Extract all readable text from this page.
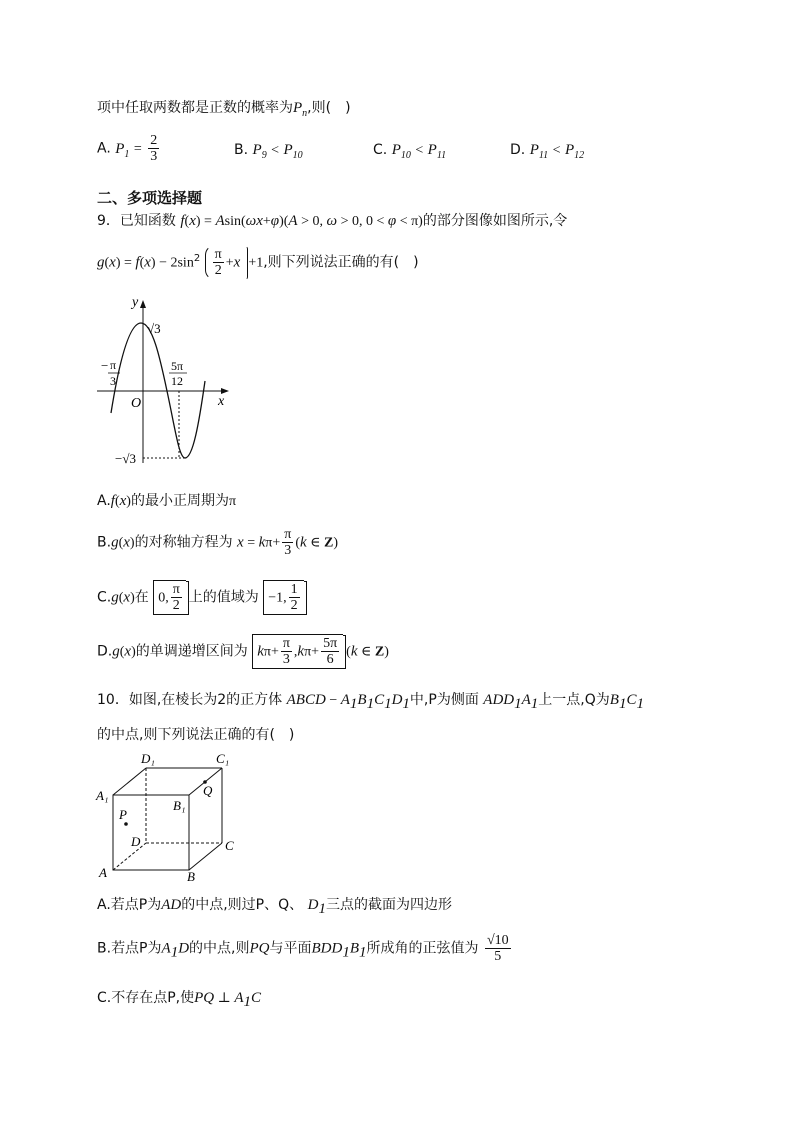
项中任取两数都是正数的概率为$P_n$,则(　)
A. $P_1 = \frac{2}{3}$	B. $P_9 < P_{10}$	C. $P_{10} < P_{11}$	D. $P_{11} < P_{12}$
二、多项选择题
9．已知函数 f(x) = Asin(ωx+φ)(A > 0, ω > 0, 0 < φ < π)的部分图像如图所示,令
$g(x) = f(x) - 2\sin^2 \frac{\pi}{2} +x +1$,则下列说法正确的有(　)
y
x
O
√3
−√3
− π
3
5π
12
A.f(x)的最小正周期为π
B.g(x)的对称轴方程为 $x = k\pi+ \frac{\pi}{3} (k$ ∈ Z)
C.g(x)在 0, $\frac{\pi}{2}$ 上的值域为 −1, $\frac{1}{2}$
D.g(x)的单调递增区间为 $k\pi+ \frac{\pi}{3} ,k\pi+ \frac{5\pi}{6} (k$ ∈ Z)
10．如图,在棱长为2的正方体 ABCD − $A_1B_1C_1D_1$中,P为侧面 $ADD_1A_1$上一点,Q为$B_1C_1$
的中点,则下列说法正确的有(　)
D₁	C₁
A₁
B₁
Q
P
D	C
A	B
A.若点P为AD的中点,则过P、Q、 $D_1$三点的截面为四边形
B.若点P为$A_1D$的中点,则PQ与平面$BDD_1B_1$所成角的正弦值为 $\frac{√10}{5}$
C.不存在点P,使PQ ⊥ $A_1C$
